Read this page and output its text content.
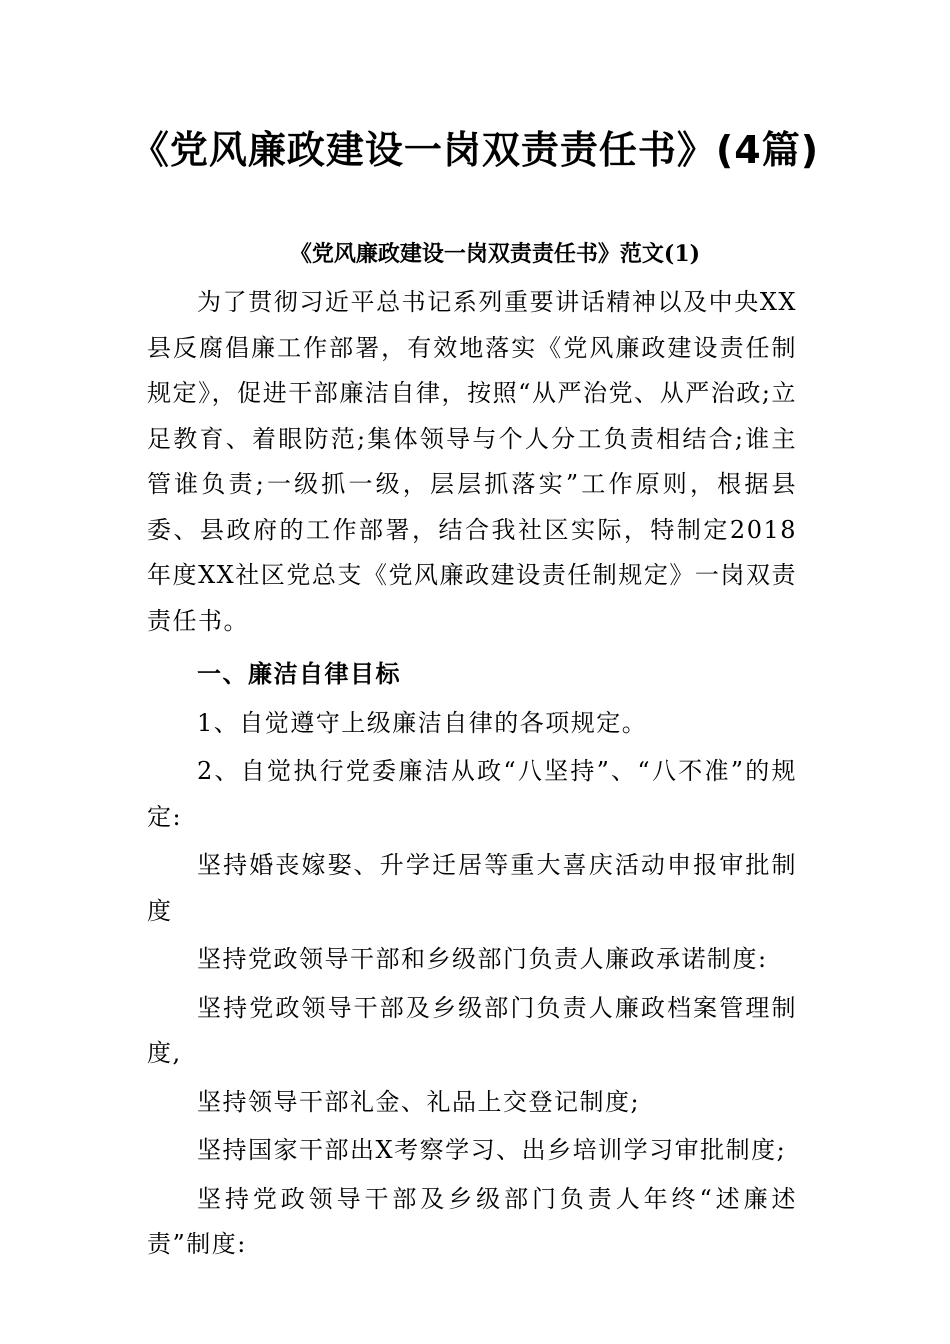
《党风廉政建设一岗双责责任书》(4篇)
《党风廉政建设一岗双责责任书》范文(1)

为了贯彻习近平总书记系列重要讲话精神以及中央XX县反腐倡廉工作部署，有效地落实《党风廉政建设责任制规定》，促进干部廉洁自律，按照“从严治党、从严治政;立足教育、着眼防范;集体领导与个人分工负责相结合;谁主管谁负责;一级抓一级，层层抓落实”工作原则，根据县委、县政府的工作部署，结合我社区实际，特制定2018年度XX社区党总支《党风廉政建设责任制规定》一岗双责责任书。

一、廉洁自律目标

1、自觉遵守上级廉洁自律的各项规定。

2、自觉执行党委廉洁从政“八坚持”、“八不准”的规定:

坚持婚丧嫁娶、升学迁居等重大喜庆活动申报审批制度

坚持党政领导干部和乡级部门负责人廉政承诺制度:

坚持党政领导干部及乡级部门负责人廉政档案管理制度,

坚持领导干部礼金、礼品上交登记制度;

坚持国家干部出X考察学习、出乡培训学习审批制度;

坚持党政领导干部及乡级部门负责人年终“述廉述责”制度:
